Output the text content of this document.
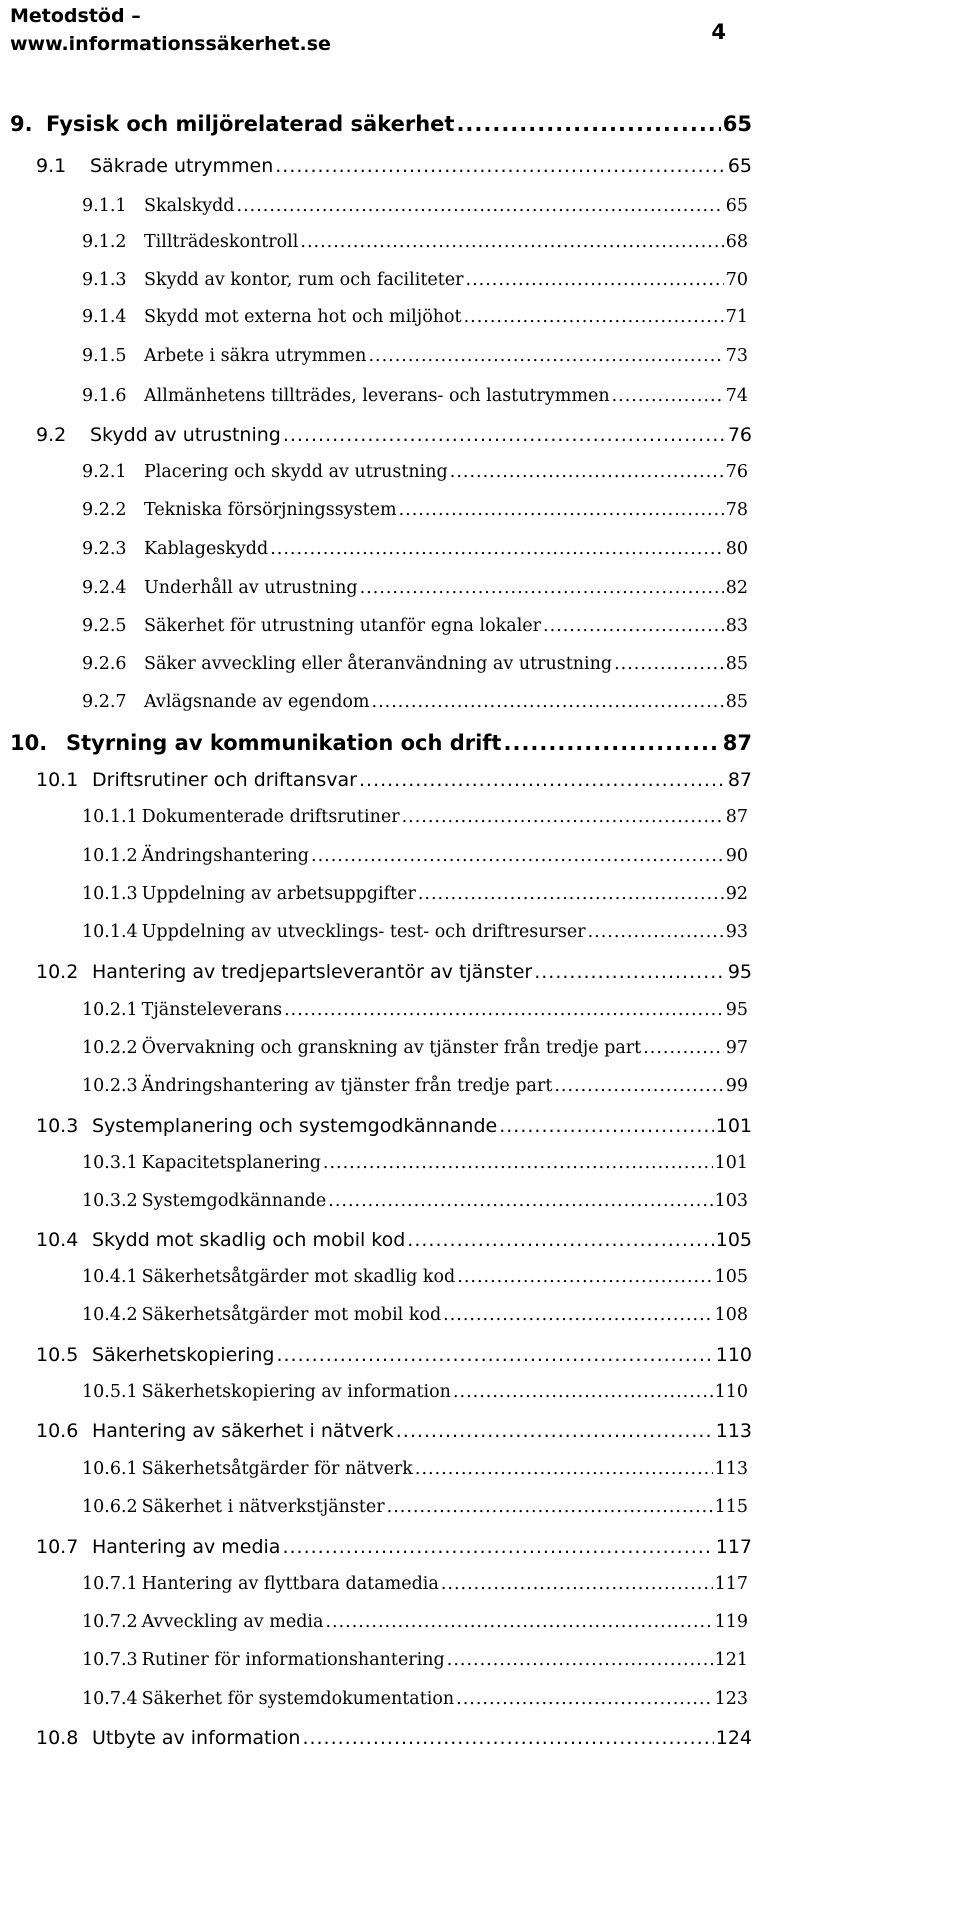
Metodstöd –
www.informationssäkerhet.se	4
9. Fysisk och miljörelaterad säkerhet .....	65
9.1	Säkrade utrymmen .....	65
9.1.1 Skalskydd .....	65
9.1.2 Tillträdeskontroll .....	68
9.1.3 Skydd av kontor, rum och faciliteter .....	70
9.1.4 Skydd mot externa hot och miljöhot .....	71
9.1.5 Arbete i säkra utrymmen .....	73
9.1.6 Allmänhetens tillträdes, leverans- och lastutrymmen .....	74
9.2	Skydd av utrustning .....	76
9.2.1 Placering och skydd av utrustning .....	76
9.2.2 Tekniska försörjningssystem .....	78
9.2.3 Kablageskydd .....	80
9.2.4 Underhåll av utrustning .....	82
9.2.5 Säkerhet för utrustning utanför egna lokaler .....	83
9.2.6 Säker avveckling eller återanvändning av utrustning .....	85
9.2.7 Avlägsnande av egendom .....	85
10. Styrning av kommunikation och drift .....	87
10.1 Driftsrutiner och driftansvar .....	87
10.1.1 Dokumenterade driftsrutiner .....	87
10.1.2 Ändringshantering .....	90
10.1.3 Uppdelning av arbetsuppgifter .....	92
10.1.4 Uppdelning av utvecklings- test- och driftresurser .....	93
10.2 Hantering av tredjepartsleverantör av tjänster .....	95
10.2.1 Tjänsteleverans .....	95
10.2.2 Övervakning och granskning av tjänster från tredje part .....	97
10.2.3 Ändringshantering av tjänster från tredje part .....	99
10.3 Systemplanering och systemgodkännande .....	101
10.3.1 Kapacitetsplanering .....	101
10.3.2 Systemgodkännande .....	103
10.4 Skydd mot skadlig och mobil kod .....	105
10.4.1 Säkerhetsåtgärder mot skadlig kod .....	105
10.4.2 Säkerhetsåtgärder mot mobil kod .....	108
10.5 Säkerhetskopiering .....	110
10.5.1 Säkerhetskopiering av information .....	110
10.6 Hantering av säkerhet i nätverk .....	113
10.6.1 Säkerhetsåtgärder för nätverk .....	113
10.6.2 Säkerhet i nätverkstjänster .....	115
10.7 Hantering av media .....	117
10.7.1 Hantering av flyttbara datamedia .....	117
10.7.2 Avveckling av media .....	119
10.7.3 Rutiner för informationshantering .....	121
10.7.4 Säkerhet för systemdokumentation .....	123
10.8 Utbyte av information .....	124
